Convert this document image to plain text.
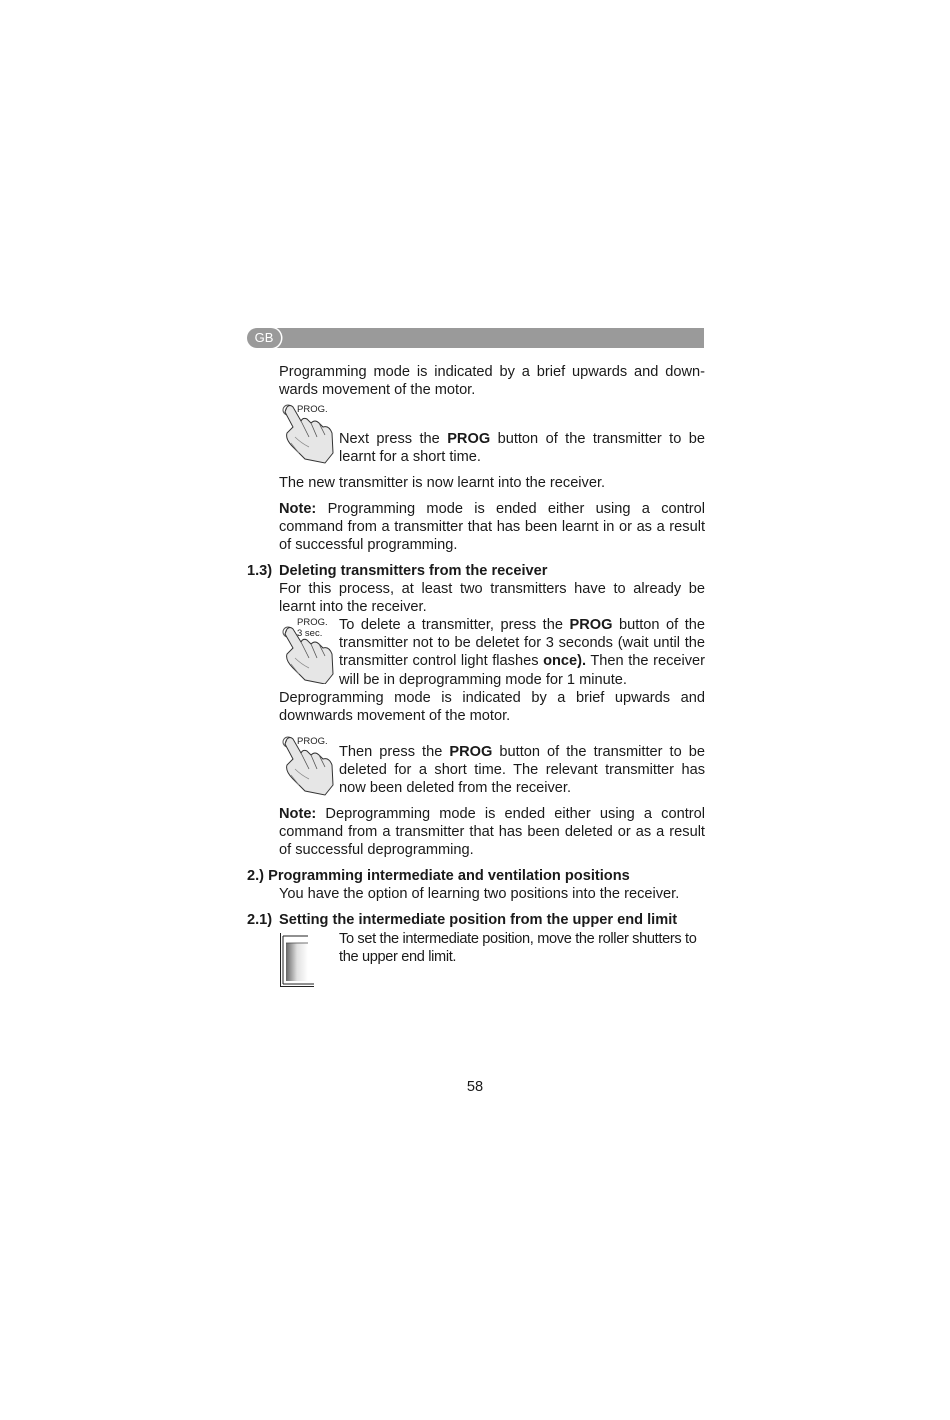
GB

Programming mode is indicated by a brief upwards and down-wards movement of the motor.

PROG.

Next press the PROG button of the transmitter to be learnt for a short time.

The new transmitter is now learnt into the receiver.

Note: Programming mode is ended either using a control command from a transmitter that has been learnt in or as a result of successful programming.

1.3) Deleting transmitters from the receiver

For this process, at least two transmitters have to already be learnt into the receiver.

PROG.
3 sec.

To delete a transmitter, press the PROG button of the transmitter not to be deletet for 3 seconds (wait until the transmitter control light flashes once). Then the receiver will be in deprogramming mode for 1 minute.

Deprogramming mode is indicated by a brief upwards and downwards movement of the motor.

PROG.

Then press the PROG button of the transmitter to be deleted for a short time. The relevant transmitter has now been deleted from the receiver.

Note: Deprogramming mode is ended either using a control command from a transmitter that has been deleted or as a result of successful deprogramming.

2.) Programming intermediate and ventilation positions

You have the option of learning two positions into the receiver.

2.1) Setting the intermediate position from the upper end limit

To set the intermediate position, move the roller shutters to the upper end limit.

58
